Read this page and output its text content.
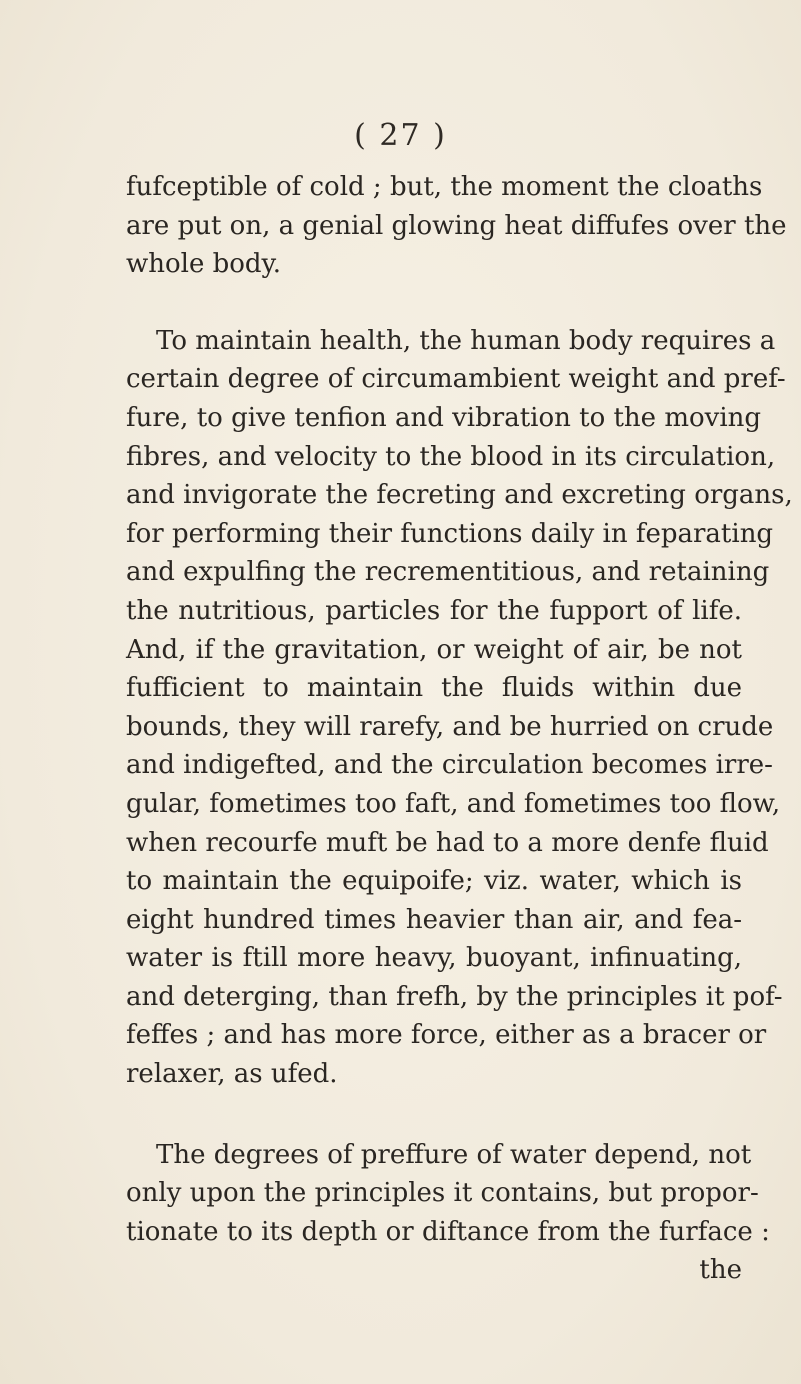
( 27 )
fufceptible of cold ; but, the moment the cloaths
are put on, a genial glowing heat diffufes over the
whole body.
To maintain health, the human body requires a
certain degree of circumambient weight and pref-
fure, to give tenfion and vibration to the moving
fibres, and velocity to the blood in its circulation,
and invigorate the fecreting and excreting organs,
for performing their functions daily in feparating
and expulfing the recrementitious, and retaining
the nutritious, particles for the fupport of life.
And, if the gravitation, or weight of air, be not
fufficient to maintain the fluids within due
bounds, they will rarefy, and be hurried on crude
and indigefted, and the circulation becomes irre-
gular, fometimes too faft, and fometimes too flow,
when recourfe muft be had to a more denfe fluid
to maintain the equipoife; viz. water, which is
eight hundred times heavier than air, and fea-
water is ftill more heavy, buoyant, infinuating,
and deterging, than frefh, by the principles it pof-
feffes ; and has more force, either as a bracer or
relaxer, as ufed.
The degrees of preffure of water depend, not
only upon the principles it contains, but propor-
tionate to its depth or diftance from the furface :
the
